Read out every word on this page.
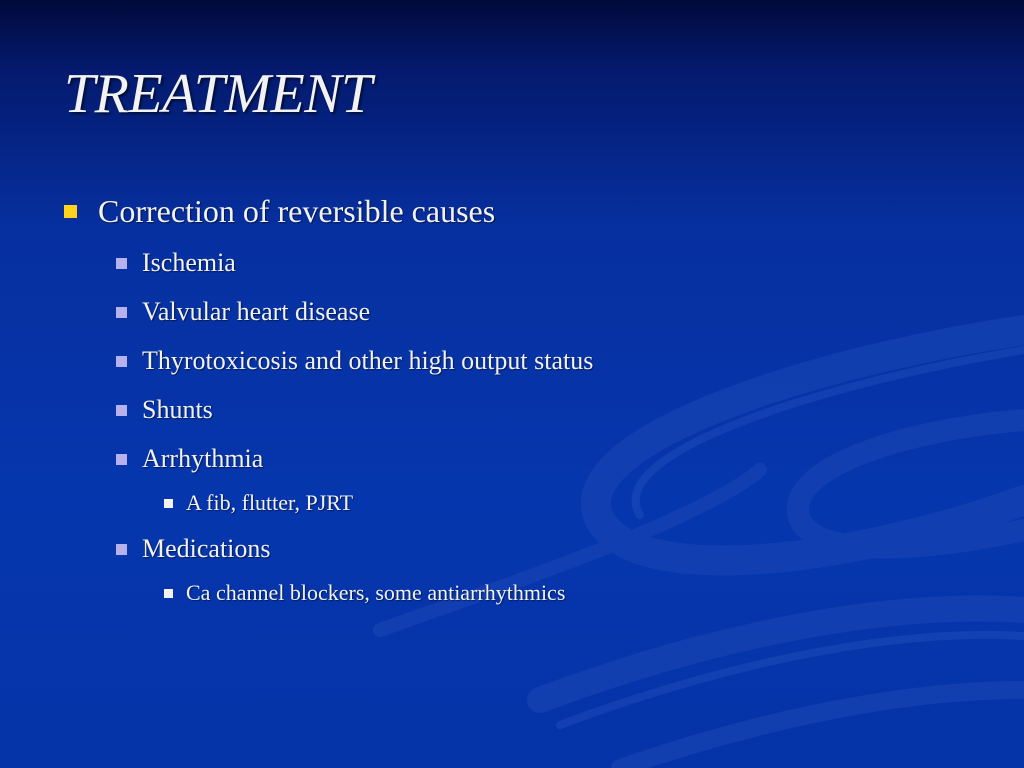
TREATMENT
Correction of reversible causes
Ischemia
Valvular heart disease
Thyrotoxicosis and other high output status
Shunts
Arrhythmia
A fib, flutter, PJRT
Medications
Ca channel blockers, some antiarrhythmics
